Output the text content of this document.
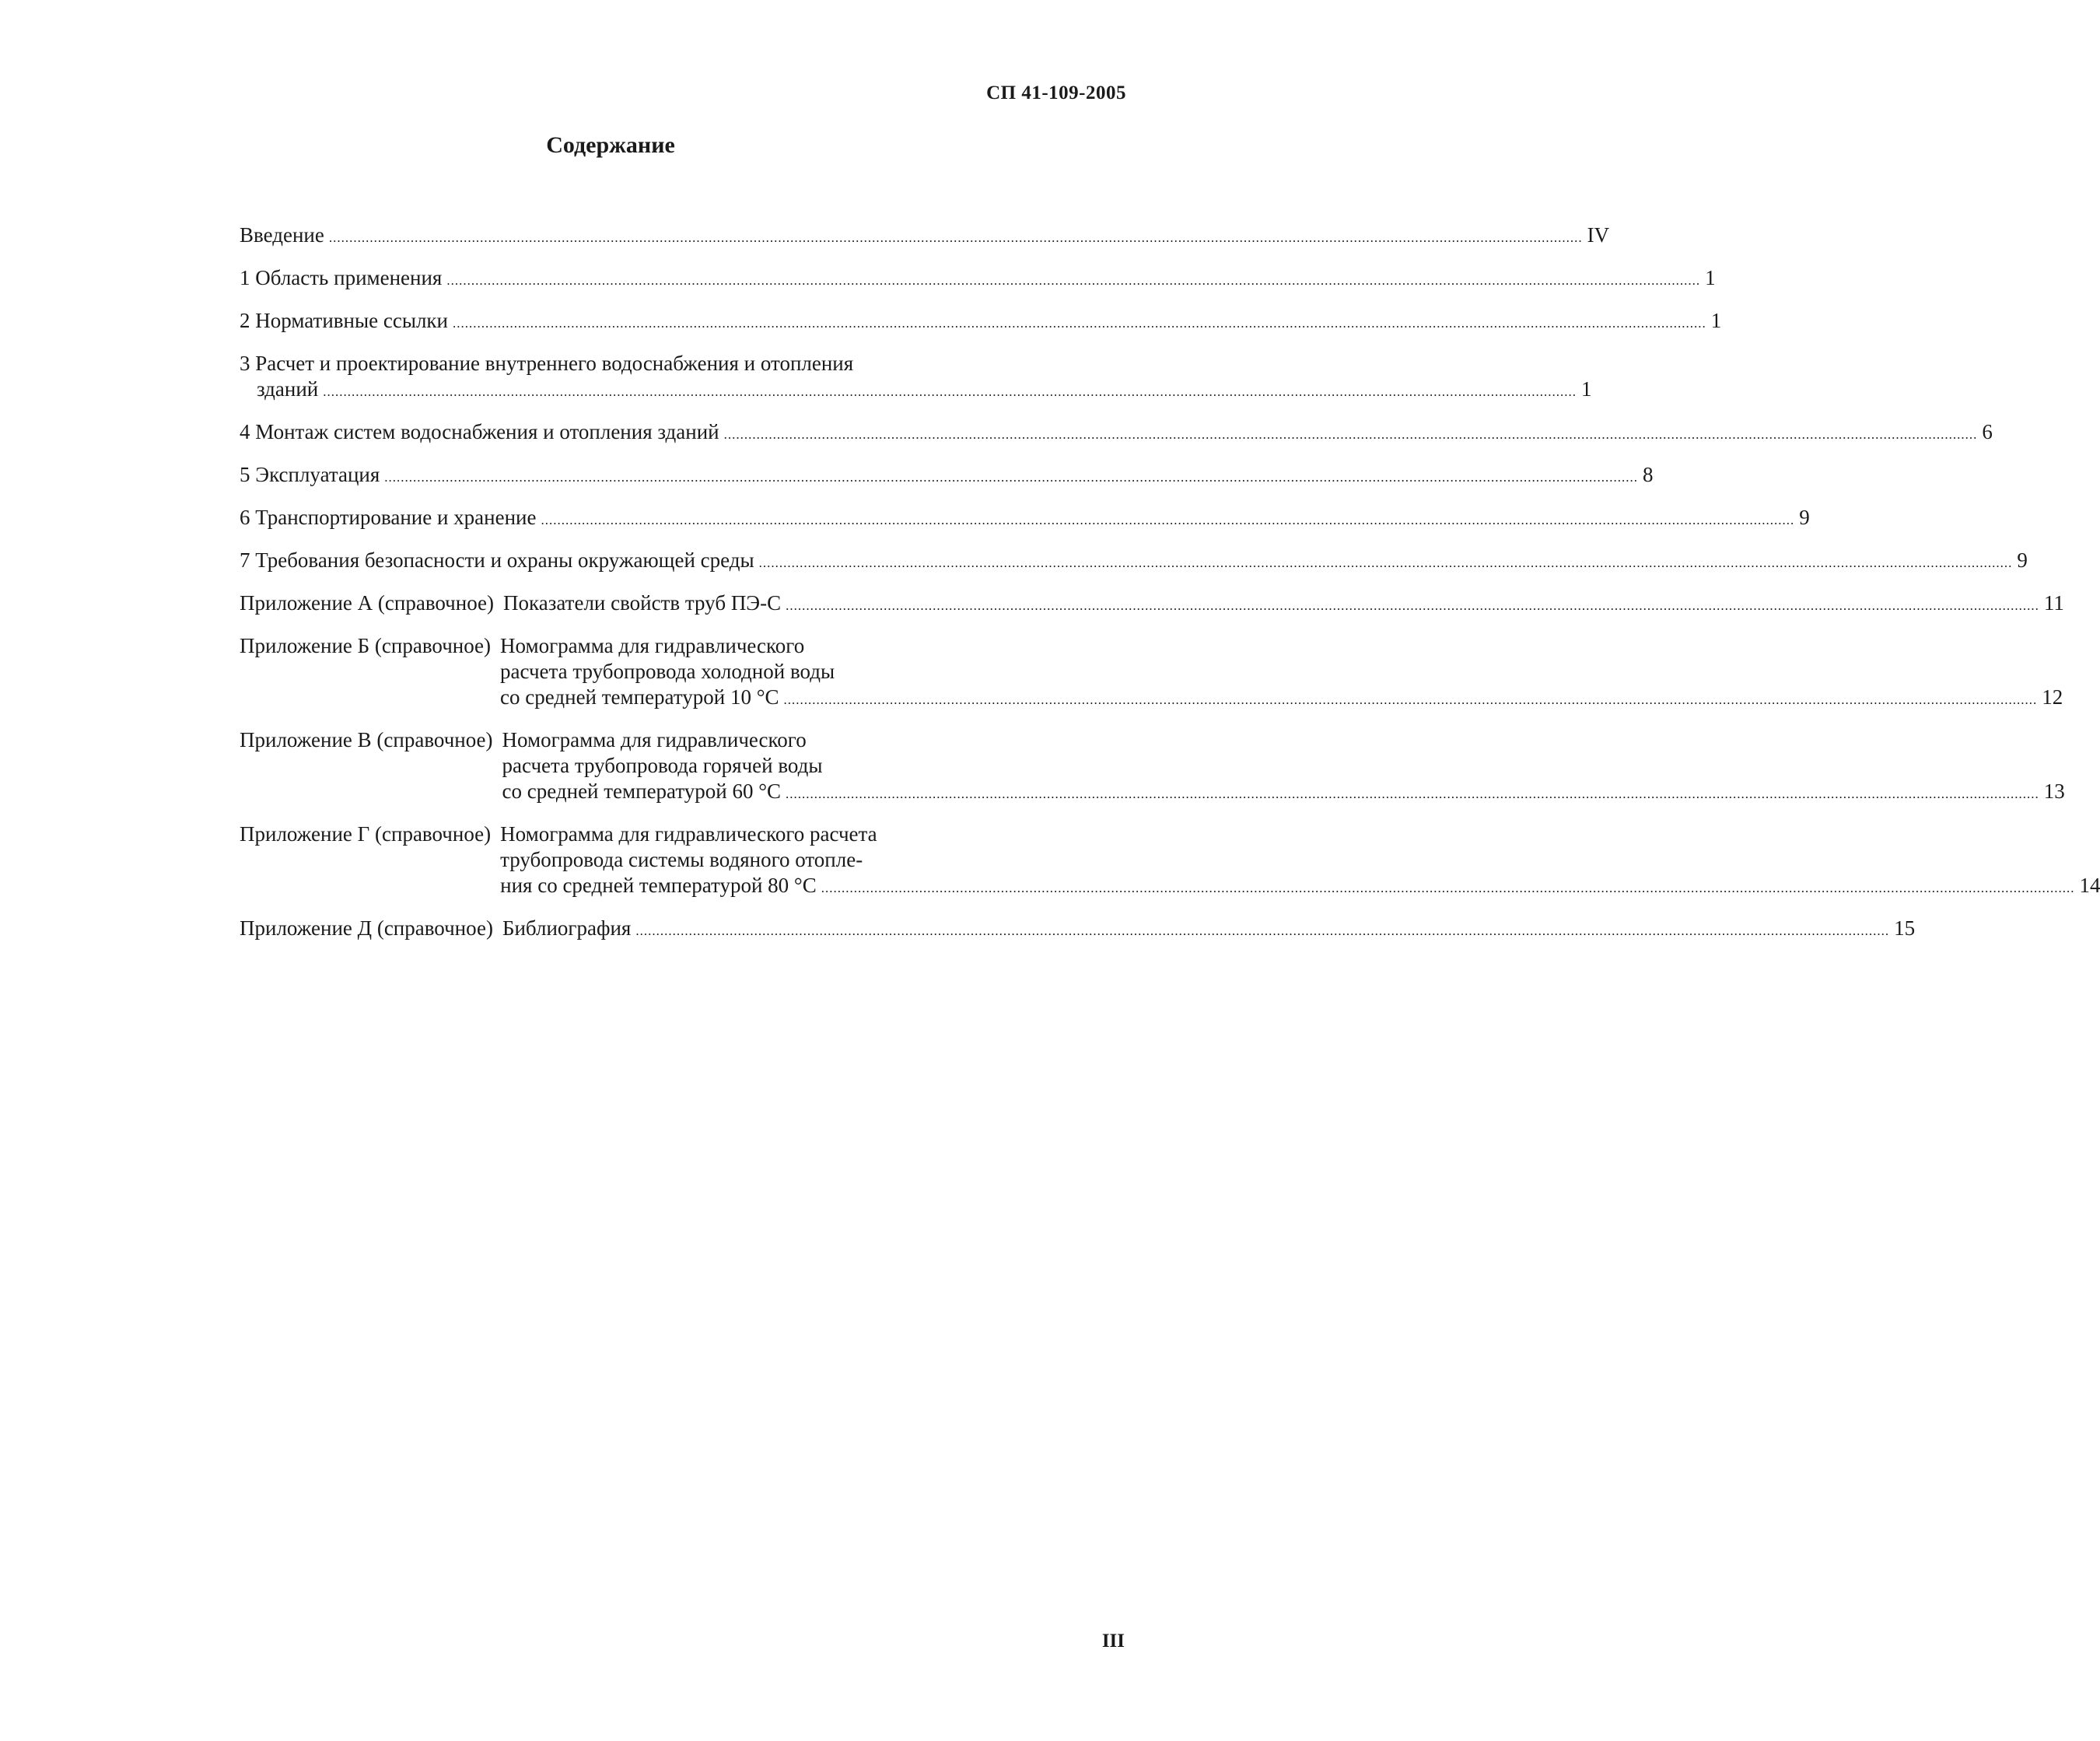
СП 41-109-2005
Содержание
Введение .....	IV
1 Область применения .....	1
2 Нормативные ссылки .....	1
3 Расчет и проектирование внутреннего водоснабжения и отопления
зданий .....	1
4 Монтаж систем водоснабжения и отопления зданий .....	6
5 Эксплуатация .....	8
6 Транспортирование и хранение .....	9
7 Требования безопасности и охраны окружающей среды .....	9
Приложение А (справочное) Показатели свойств труб ПЭ-С .....	11
Приложение Б (справочное) Номограмма для гидравлического
расчета трубопровода холодной воды
со средней температурой 10 °С .....	12
Приложение В (справочное) Номограмма для гидравлического
расчета трубопровода горячей воды
со средней температурой 60 °С .....	13
Приложение Г (справочное) Номограмма для гидравлического расчета
трубопровода системы водяного отопле-
ния со средней температурой 80 °С .....	14
Приложение Д (справочное) Библиография .....	15
III
